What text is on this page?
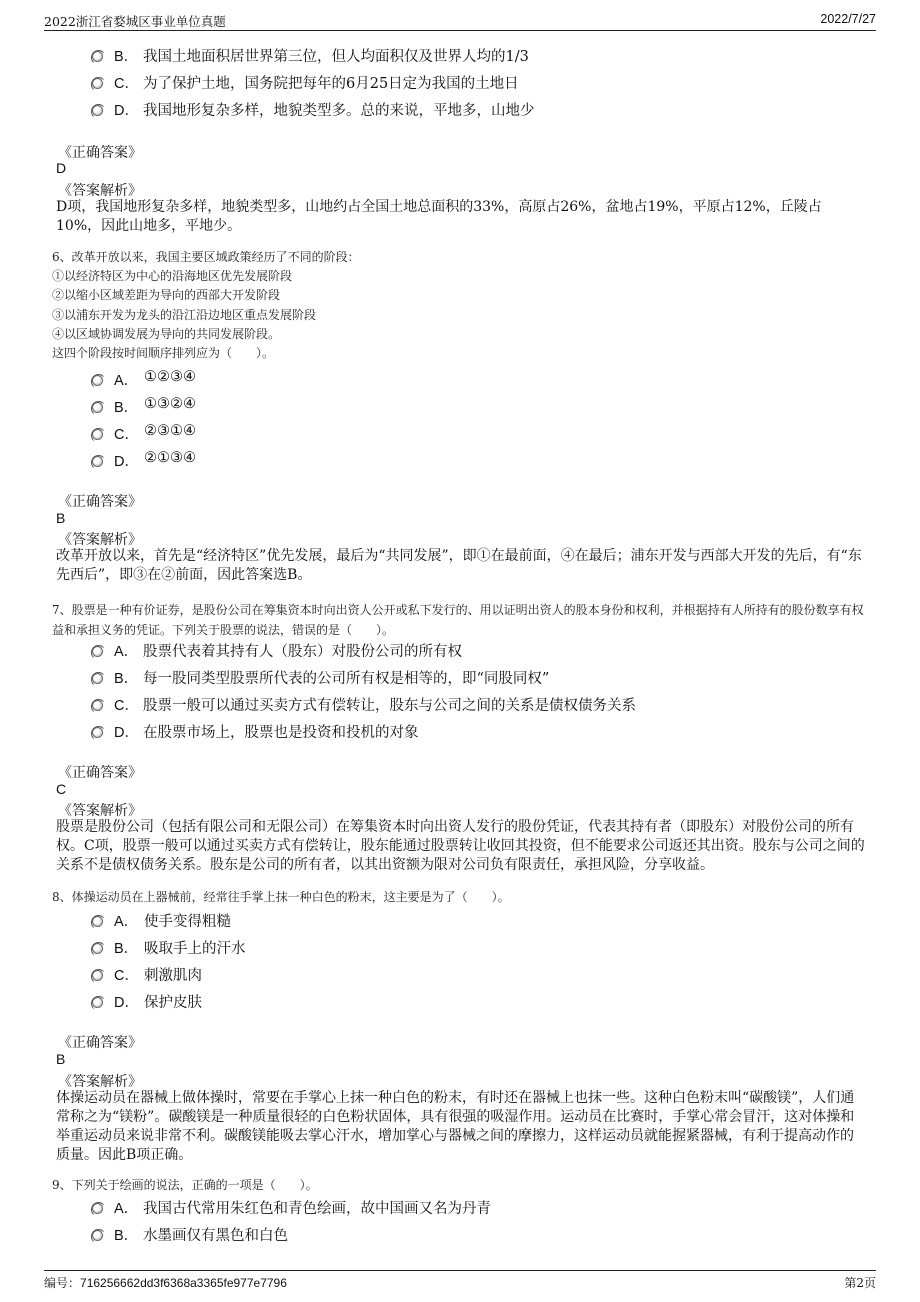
2022浙江省婺城区事业单位真题	2022/7/27
B． 我国土地面积居世界第三位，但人均面积仅及世界人均的1/3
C． 为了保护土地，国务院把每年的6月25日定为我国的土地日
D． 我国地形复杂多样，地貌类型多。总的来说，平地多，山地少
《正确答案》
D
《答案解析》
D项，我国地形复杂多样，地貌类型多，山地约占全国土地总面积的33%，高原占26%，盆地占19%，平原占12%，丘陵占10%，因此山地多，平地少。
6、改革开放以来，我国主要区域政策经历了不同的阶段：
①以经济特区为中心的沿海地区优先发展阶段
②以缩小区域差距为导向的西部大开发阶段
③以浦东开发为龙头的沿江沿边地区重点发展阶段
④以区域协调发展为导向的共同发展阶段。
这四个阶段按时间顺序排列应为（　　）。
A． ①②③④
B． ①③②④
C． ②③①④
D． ②①③④
《正确答案》
B
《答案解析》
改革开放以来，首先是“经济特区”优先发展，最后为“共同发展”，即①在最前面，④在最后；浦东开发与西部大开发的先后，有“东先西后”，即③在②前面，因此答案选B。
7、股票是一种有价证券，是股份公司在筹集资本时向出资人公开或私下发行的、用以证明出资人的股本身份和权利，并根据持有人所持有的股份数享有权益和承担义务的凭证。下列关于股票的说法，错误的是（　　）。
A． 股票代表着其持有人（股东）对股份公司的所有权
B． 每一股同类型股票所代表的公司所有权是相等的，即“同股同权”
C． 股票一般可以通过买卖方式有偿转让，股东与公司之间的关系是债权债务关系
D． 在股票市场上，股票也是投资和投机的对象
《正确答案》
C
《答案解析》
股票是股份公司（包括有限公司和无限公司）在筹集资本时向出资人发行的股份凭证，代表其持有者（即股东）对股份公司的所有权。C项，股票一般可以通过买卖方式有偿转让，股东能通过股票转让收回其投资，但不能要求公司返还其出资。股东与公司之间的关系不是债权债务关系。股东是公司的所有者，以其出资额为限对公司负有限责任，承担风险，分享收益。
8、体操运动员在上器械前，经常往手掌上抹一种白色的粉末，这主要是为了（　　）。
A． 使手变得粗糙
B． 吸取手上的汗水
C． 刺激肌肉
D． 保护皮肤
《正确答案》
B
《答案解析》
体操运动员在器械上做体操时，常要在手掌心上抹一种白色的粉末，有时还在器械上也抹一些。这种白色粉末叫“碳酸镁”，人们通常称之为“镁粉”。碳酸镁是一种质量很轻的白色粉状固体，具有很强的吸湿作用。运动员在比赛时，手掌心常会冒汗，这对体操和举重运动员来说非常不利。碳酸镁能吸去掌心汗水，增加掌心与器械之间的摩擦力，这样运动员就能握紧器械，有利于提高动作的质量。因此B项正确。
9、下列关于绘画的说法，正确的一项是（　　）。
A． 我国古代常用朱红色和青色绘画，故中国画又名为丹青
B． 水墨画仅有黑色和白色
编号：716256662dd3f6368a3365fe977e7796	第2页
